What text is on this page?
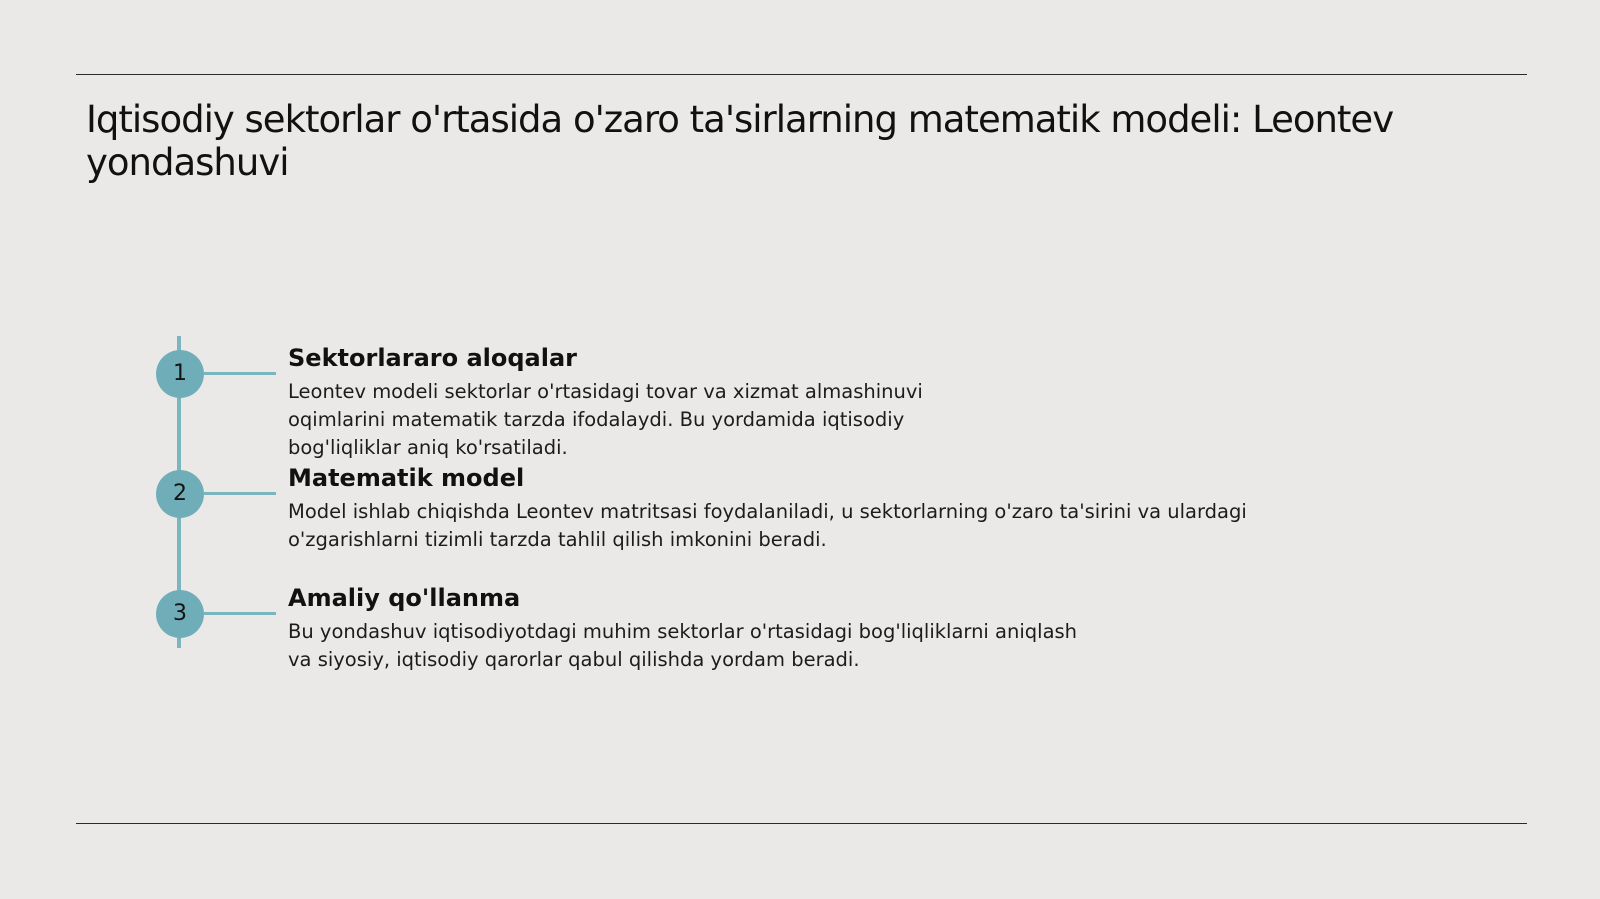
Iqtisodiy sektorlar o'rtasida o'zaro ta'sirlarning matematik modeli: Leontev yondashuvi
1
Sektorlararo aloqalar

Leontev modeli sektorlar o'rtasidagi tovar va xizmat almashinuvi oqimlarini matematik tarzda ifodalaydi. Bu yordamida iqtisodiy bog'liqliklar aniq ko'rsatiladi.

2
Matematik model

Model ishlab chiqishda Leontev matritsasi foydalaniladi, u sektorlarning o'zaro ta'sirini va ulardagi o'zgarishlarni tizimli tarzda tahlil qilish imkonini beradi.

3
Amaliy qo'llanma

Bu yondashuv iqtisodiyotdagi muhim sektorlar o'rtasidagi bog'liqliklarni aniqlash va siyosiy, iqtisodiy qarorlar qabul qilishda yordam beradi.
